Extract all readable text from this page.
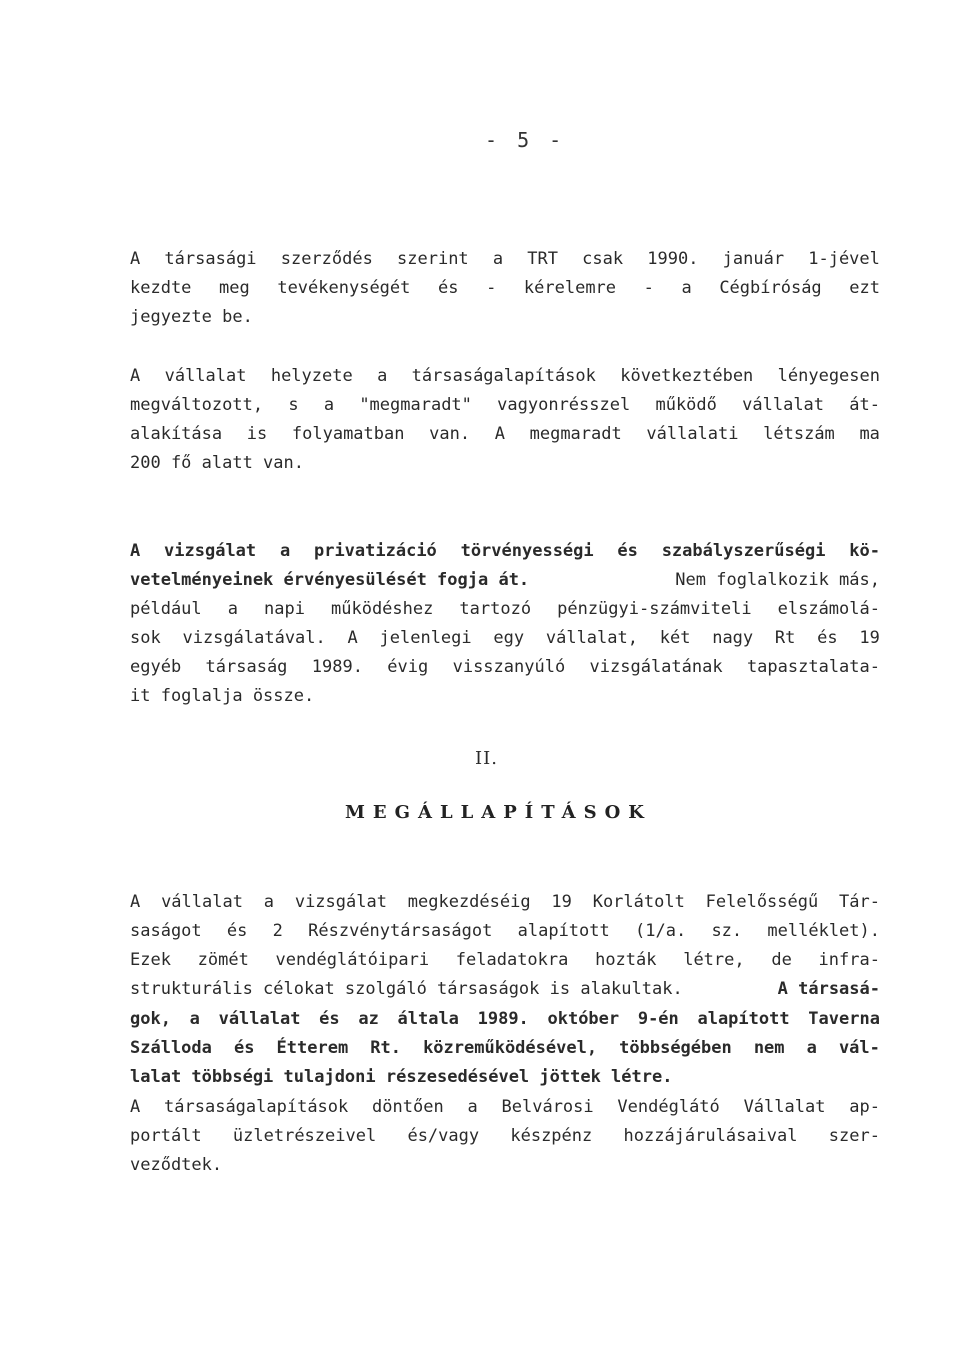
- 5 -
A társasági szerződés szerint a TRT csak 1990. január 1-jével
kezdte meg tevékenységét és - kérelemre - a Cégbíróság ezt
jegyezte be.
A vállalat helyzete a társaságalapítások következtében lényegesen
megváltozott, s a "megmaradt" vagyonrésszel működő vállalat át-
alakítása is folyamatban van. A megmaradt vállalati létszám ma
200 fő alatt van.
A vizsgálat a privatizáció törvényességi és szabályszerűségi kö-
vetelményeinek érvényesülését fogja át.	Nem foglalkozik más,
például a napi működéshez tartozó pénzügyi-számviteli elszámolá-
sok vizsgálatával. A jelenlegi egy vállalat, két nagy Rt és 19
egyéb társaság 1989. évig visszanyúló vizsgálatának tapasztalata-
it foglalja össze.
II.
MEGÁLLAPÍTÁSOK
A vállalat a vizsgálat megkezdéséig 19 Korlátolt Felelősségű Tár-
saságot és 2 Részvénytársaságot alapított (1/a. sz. melléklet).
Ezek zömét vendéglátóipari feladatokra hozták létre, de infra-
strukturális célokat szolgáló társaságok is alakultak.	A társasá-
gok, a vállalat és az általa 1989. október 9-én alapított Taverna
Szálloda és Étterem Rt. közreműködésével, többségében nem a vál-
lalat többségi tulajdoni részesedésével jöttek létre.
A társaságalapítások döntően a Belvárosi Vendéglátó Vállalat ap-
portált üzletrészeivel és/vagy készpénz hozzájárulásaival szer-
veződtek.
